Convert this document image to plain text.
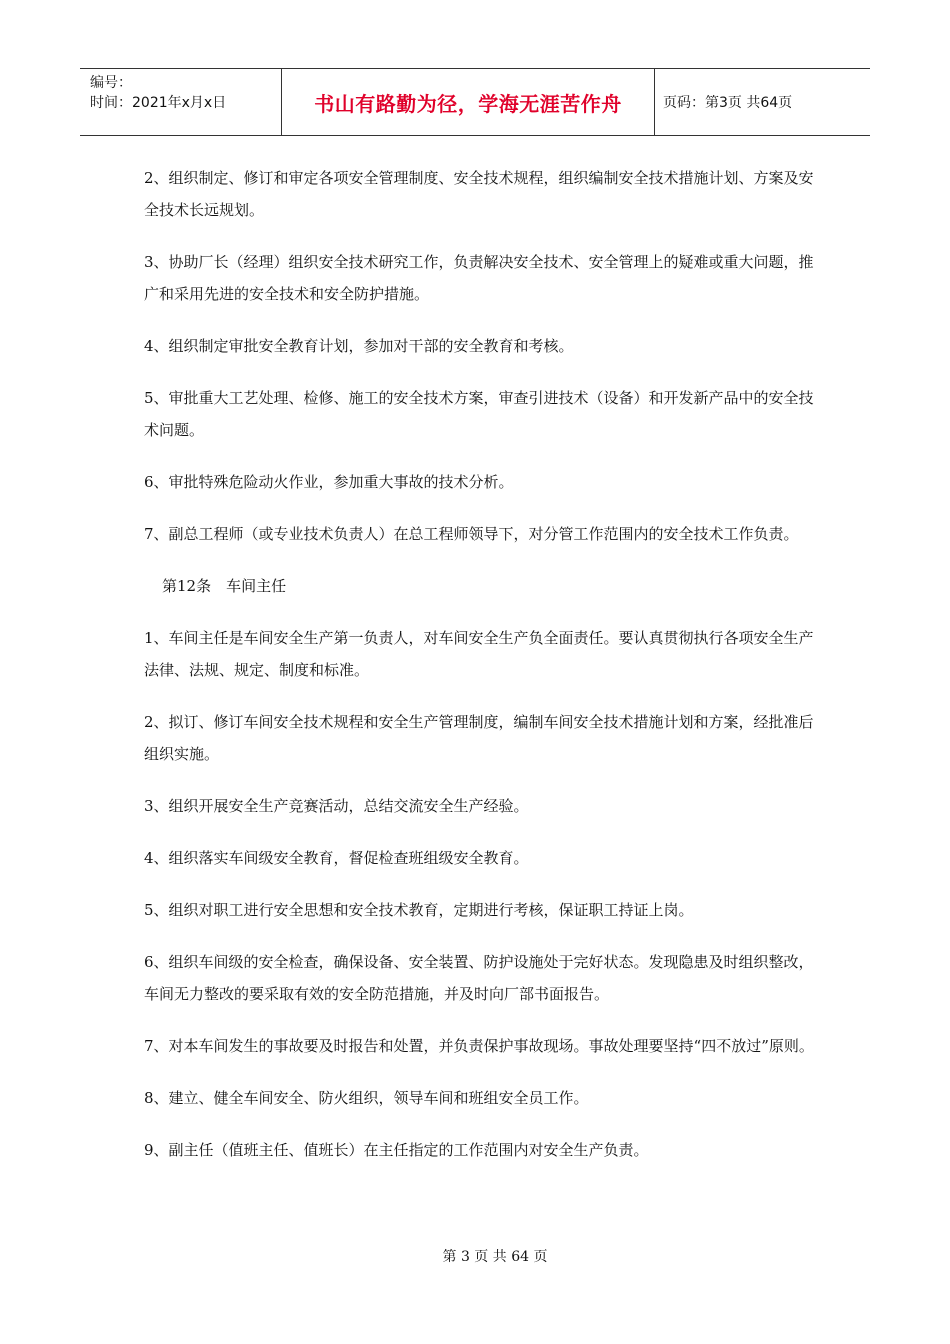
编号：
时间：2021年x月x日	书山有路勤为径，学海无涯苦作舟	页码：第3页 共64页

2、组织制定、修订和审定各项安全管理制度、安全技术规程，组织编制安全技术措施计划、方案及安全技术长远规划。

3、协助厂长（经理）组织安全技术研究工作，负责解决安全技术、安全管理上的疑难或重大问题，推广和采用先进的安全技术和安全防护措施。

4、组织制定审批安全教育计划，参加对干部的安全教育和考核。

5、审批重大工艺处理、检修、施工的安全技术方案，审查引进技术（设备）和开发新产品中的安全技术问题。

6、审批特殊危险动火作业，参加重大事故的技术分析。

7、副总工程师（或专业技术负责人）在总工程师领导下，对分管工作范围内的安全技术工作负责。

第12条　车间主任

1、车间主任是车间安全生产第一负责人，对车间安全生产负全面责任。要认真贯彻执行各项安全生产法律、法规、规定、制度和标准。

2、拟订、修订车间安全技术规程和安全生产管理制度，编制车间安全技术措施计划和方案，经批准后组织实施。

3、组织开展安全生产竞赛活动，总结交流安全生产经验。

4、组织落实车间级安全教育，督促检查班组级安全教育。

5、组织对职工进行安全思想和安全技术教育，定期进行考核，保证职工持证上岗。

6、组织车间级的安全检查，确保设备、安全装置、防护设施处于完好状态。发现隐患及时组织整改，车间无力整改的要采取有效的安全防范措施，并及时向厂部书面报告。

7、对本车间发生的事故要及时报告和处置，并负责保护事故现场。事故处理要坚持“四不放过”原则。

8、建立、健全车间安全、防火组织，领导车间和班组安全员工作。

9、副主任（值班主任、值班长）在主任指定的工作范围内对安全生产负责。

第 3 页 共 64 页
